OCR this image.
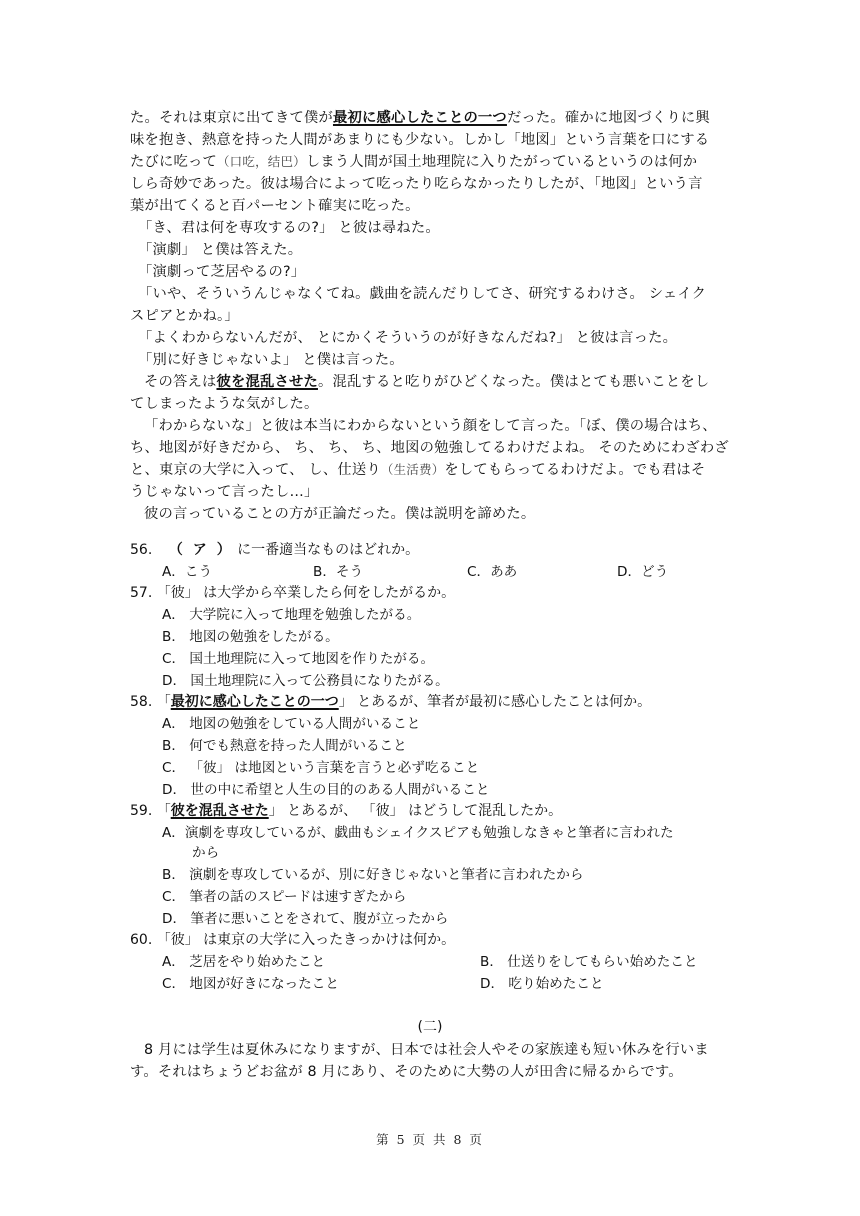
た。それは東京に出てきて僕が最初に感心したことの一つだった。確かに地図づくりに興
味を抱き、熱意を持った人間があまりにも少ない。しかし「地図」という言葉を口にする
たびに吃って（口吃，结巴）しまう人間が国土地理院に入りたがっているというのは何か
しら奇妙であった。彼は場合によって吃ったり吃らなかったりしたが、「地図」という言
葉が出てくると百パーセント確実に吃った。
「き、君は何を専攻するの?」 と彼は尋ねた。
「演劇」 と僕は答えた。
「演劇って芝居やるの?」
「いや、そういうんじゃなくてね。戯曲を読んだりしてさ、研究するわけさ。 シェイク
スピアとかね。」
「よくわからないんだが、 とにかくそういうのが好きなんだね?」 と彼は言った。
「別に好きじゃないよ」 と僕は言った。
その答えは彼を混乱させた。混乱すると吃りがひどくなった。僕はとても悪いことをし
てしまったような気がした。
「わからないな」と彼は本当にわからないという顔をして言った。「ぼ、僕の場合はち、
ち、地図が好きだから、 ち、 ち、 ち、地図の勉強してるわけだよね。 そのためにわざわざ
と、東京の大学に入って、 し、仕送り（生活费）をしてもらってるわけだよ。でも君はそ
うじゃないって言ったし…」
彼の言っていることの方が正論だった。僕は説明を諦めた。
56. （ ア ） に一番適当なものはどれか。
A．こう	B．そう	C．ああ	D．どう
57. 「彼」 は大学から卒業したら何をしたがるか。
A． 大学院に入って地理を勉強したがる。
B． 地図の勉強をしたがる。
C． 国土地理院に入って地図を作りたがる。
D． 国土地理院に入って公務員になりたがる。
58. 「最初に感心したことの一つ」 とあるが、筆者が最初に感心したことは何か。
A． 地図の勉強をしている人間がいること
B． 何でも熱意を持った人間がいること
C． 「彼」 は地図という言葉を言うと必ず吃ること
D． 世の中に希望と人生の目的のある人間がいること
59. 「彼を混乱させた」 とあるが、 「彼」 はどうして混乱したか。
A．演劇を専攻しているが、戯曲もシェイクスピアも勉強しなきゃと筆者に言われた
から
B． 演劇を専攻しているが、別に好きじゃないと筆者に言われたから
C． 筆者の話のスピードは速すぎたから
D． 筆者に悪いことをされて、腹が立ったから
60. 「彼」 は東京の大学に入ったきっかけは何か。
A． 芝居をやり始めたこと	B． 仕送りをしてもらい始めたこと
C． 地図が好きになったこと	D． 吃り始めたこと
(二)
8 月には学生は夏休みになりますが、日本では社会人やその家族達も短い休みを行いま
す。それはちょうどお盆が 8 月にあり、そのために大勢の人が田舎に帰るからです。
第 5 页 共 8 页
